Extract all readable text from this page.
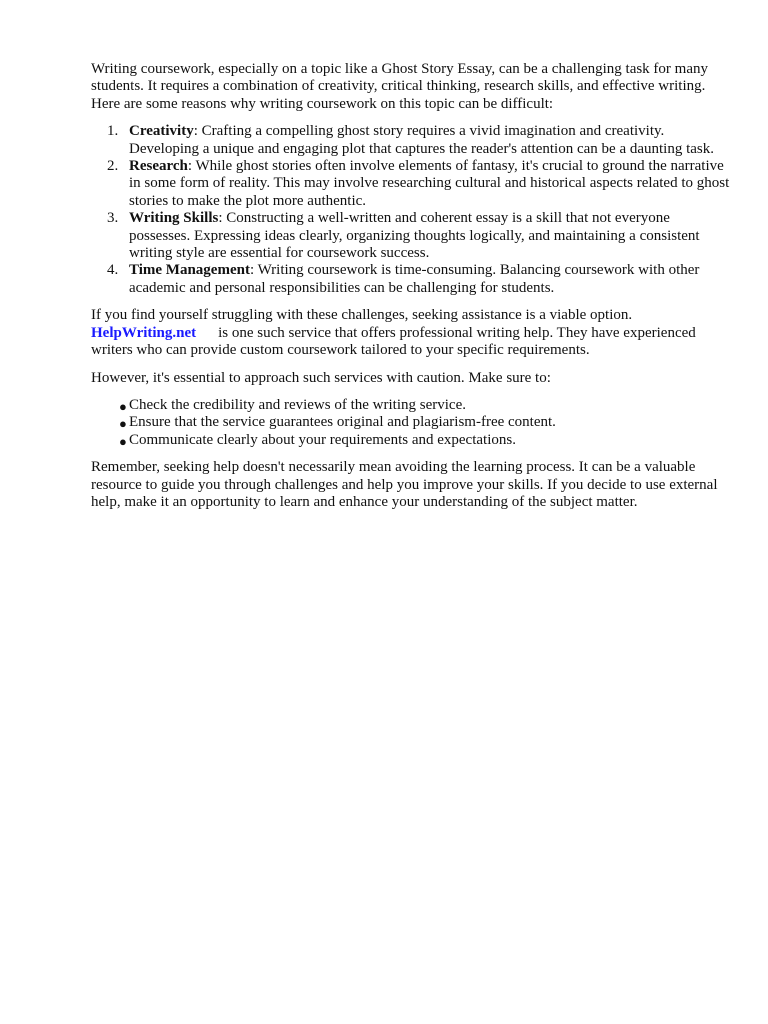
Writing coursework, especially on a topic like a Ghost Story Essay, can be a challenging task for many students. It requires a combination of creativity, critical thinking, research skills, and effective writing. Here are some reasons why writing coursework on this topic can be difficult:

1. Creativity: Crafting a compelling ghost story requires a vivid imagination and creativity. Developing a unique and engaging plot that captures the reader's attention can be a daunting task.
2. Research: While ghost stories often involve elements of fantasy, it's crucial to ground the narrative in some form of reality. This may involve researching cultural and historical aspects related to ghost stories to make the plot more authentic.
3. Writing Skills: Constructing a well-written and coherent essay is a skill that not everyone possesses. Expressing ideas clearly, organizing thoughts logically, and maintaining a consistent writing style are essential for coursework success.
4. Time Management: Writing coursework is time-consuming. Balancing coursework with other academic and personal responsibilities can be challenging for students.

If you find yourself struggling with these challenges, seeking assistance is a viable option.
HelpWriting.net is one such service that offers professional writing help. They have experienced writers who can provide custom coursework tailored to your specific requirements.

However, it's essential to approach such services with caution. Make sure to:

● Check the credibility and reviews of the writing service.
● Ensure that the service guarantees original and plagiarism-free content.
● Communicate clearly about your requirements and expectations.

Remember, seeking help doesn't necessarily mean avoiding the learning process. It can be a valuable resource to guide you through challenges and help you improve your skills. If you decide to use external help, make it an opportunity to learn and enhance your understanding of the subject matter.
